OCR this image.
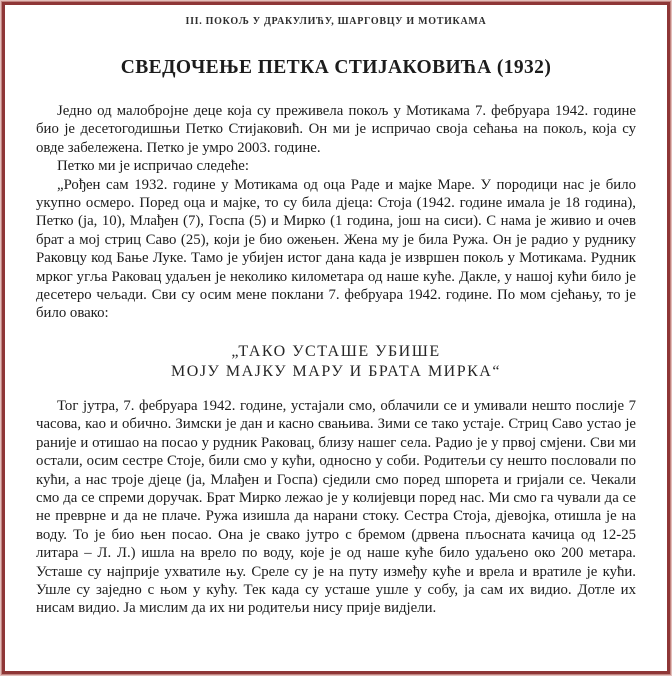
III. ПОКОЉ У ДРАКУЛИЋУ, ШАРГОВЦУ И МОТИКАМА

СВЕДОЧЕЊЕ ПЕТКА СТИЈАКОВИЋА (1932)

Једно од малобројне деце која су преживела покољ у Мотикама 7. фебруара 1942. године био је десетогодишњи Петко Стијаковић. Он ми је испричао своја сећања на покољ, која су овде забележена. Петко је умро 2003. године.

Петко ми је испричао следеће:

„Рођен сам 1932. године у Мотикама од оца Раде и мајке Маре. У породици нас је било укупно осмеро. Поред оца и мајке, то су била дјеца: Стоја (1942. године имала је 18 година), Петко (ја, 10), Млађен (7), Госпа (5) и Мирко (1 година, још на сиси). С нама је живио и очев брат а мој стриц Саво (25), који је био ожењен. Жена му је била Ружа. Он је радио у руднику Раковцу код Бање Луке. Тамо је убијен истог дана када је извршен покољ у Мотикама. Рудник мрког угља Раковац удаљен је неколико километара од наше куће. Дакле, у нашој кући било је десетеро чељади. Сви су осим мене поклани 7. фебруара 1942. године. По мом сјећању, то је било овако:

„ТАКО УСТАШЕ УБИШЕ
МОЈУ МАЈКУ МАРУ И БРАТА МИРКА“

Тог јутра, 7. фебруара 1942. године, устајали смо, облачили се и умивали нешто послије 7 часова, као и обично. Зимски је дан и касно свањива. Зими се тако устаје. Стриц Саво устао је раније и отишао на посао у рудник Раковац, близу нашег села. Радио је у првој смјени. Сви ми остали, осим сестре Стоје, били смо у кући, односно у соби. Родитељи су нешто пословали по кући, а нас троје дјеце (ја, Млађен и Госпа) сједили смо поред шпорета и гријали се. Чекали смо да се спреми доручак. Брат Мирко лежао је у колијевци поред нас. Ми смо га чували да се не преврне и да не плаче. Ружа изишла да нарани стоку. Сестра Стоја, дјевојка, отишла је на воду. То је био њен посао. Она је свако јутро с бремом (дрвена пљосната качица од 12-25 литара – Л. Л.) ишла на врело по воду, које је од наше куће било удаљено око 200 метара. Усташе су најприје ухватиле њу. Среле су је на путу између куће и врела и вратиле је кући. Ушле су заједно с њом у кућу. Тек када су усташе ушле у собу, ја сам их видио. Дотле их нисам видио. Ја мислим да их ни родитељи нису прије видјели.
